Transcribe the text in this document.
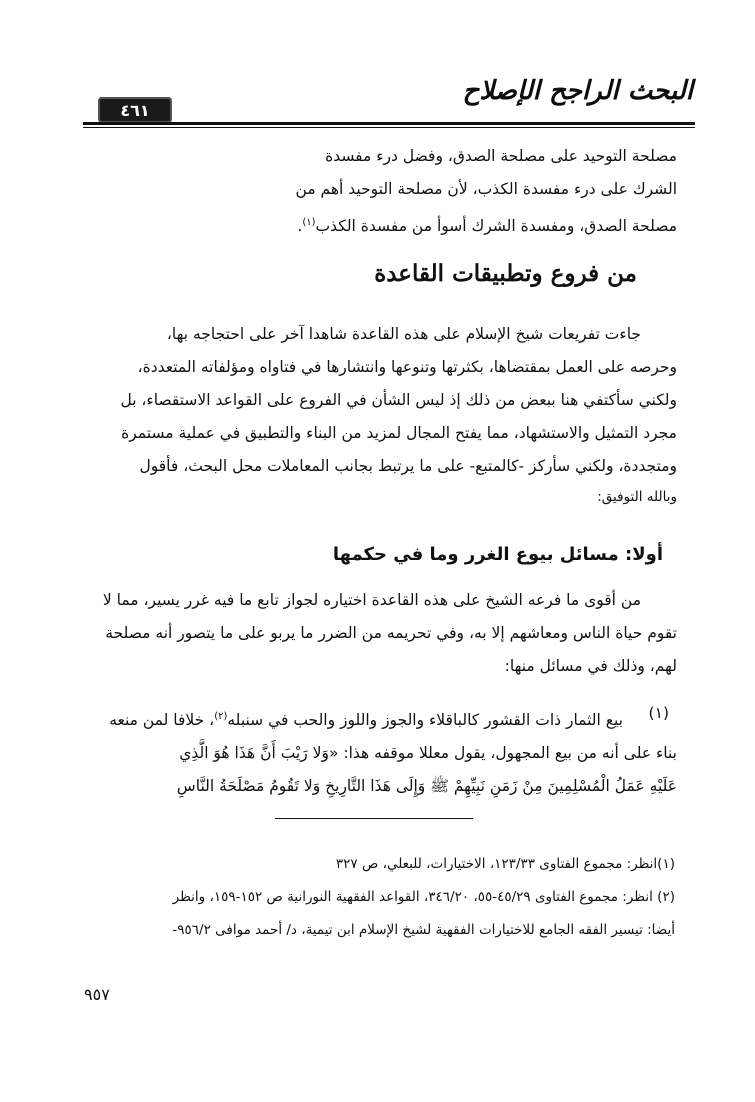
البحث الراجح الإصلاح
٤٦١
مصلحة التوحيد على مصلحة الصدق، وفضل درء مفسدة
الشرك على درء مفسدة الكذب، لأن مصلحة التوحيد أهم من
مصلحة الصدق، ومفسدة الشرك أسوأ من مفسدة الكذب$^{(١)}$.
من فروع وتطبيقات القاعدة
جاءت تفريعات شيخ الإسلام على هذه القاعدة شاهدا آخر على احتجاجه بها،
وحرصه على العمل بمقتضاها، بكثرتها وتنوعها وانتشارها في فتاواه ومؤلفاته المتعددة،
ولكني سأكتفي هنا ببعض من ذلك إذ ليس الشأن في الفروع على القواعد الاستقصاء، بل
مجرد التمثيل والاستشهاد، مما يفتح المجال لمزيد من البناء والتطبيق في عملية مستمرة
ومتجددة، ولكني سأركز -كالمتبع- على ما يرتبط بجانب المعاملات محل البحث، فأقول
وبالله التوفيق:
أولا: مسائل بيوع الغرر وما في حكمها
من أقوى ما فرعه الشيخ على هذه القاعدة اختياره لجواز تابع ما فيه غرر يسير، مما لا
تقوم حياة الناس ومعاشهم إلا به، وفي تحريمه من الضرر ما يربو على ما يتصور أنه مصلحة
لهم، وذلك في مسائل منها:
(١)
بيع الثمار ذات القشور كالباقلاء والجوز واللوز والحب في سنبله$^{(٢)}$، خلافا لمن منعه
بناء على أنه من بيع المجهول، يقول معللا موقفه هذا: «وَلا رَيْبَ أَنَّ هَذَا هُوَ الَّذِي
عَلَيْهِ عَمَلُ الْمُسْلِمِينَ مِنْ زَمَنِ نَبِيِّهِمْ ﷺ وَإِلَى هَذَا التَّارِيخِ وَلا تَقُومُ مَصْلَحَةُ النَّاسِ
(١)انظر: مجموع الفتاوى ١٢٣/٣٣، الاختيارات، للبعلي، ص ٣٢٧
(٢) انظر: مجموع الفتاوى ٤٥/٢٩-٥٥، ٣٤٦/٢٠، القواعد الفقهية النورانية ص ١٥٢-١٥٩، وانظر
أيضا: تيسير الفقه الجامع للاختيارات الفقهية لشيخ الإسلام ابن تيمية، د/ أحمد موافى ٩٥٦/٢-
٩٥٧
